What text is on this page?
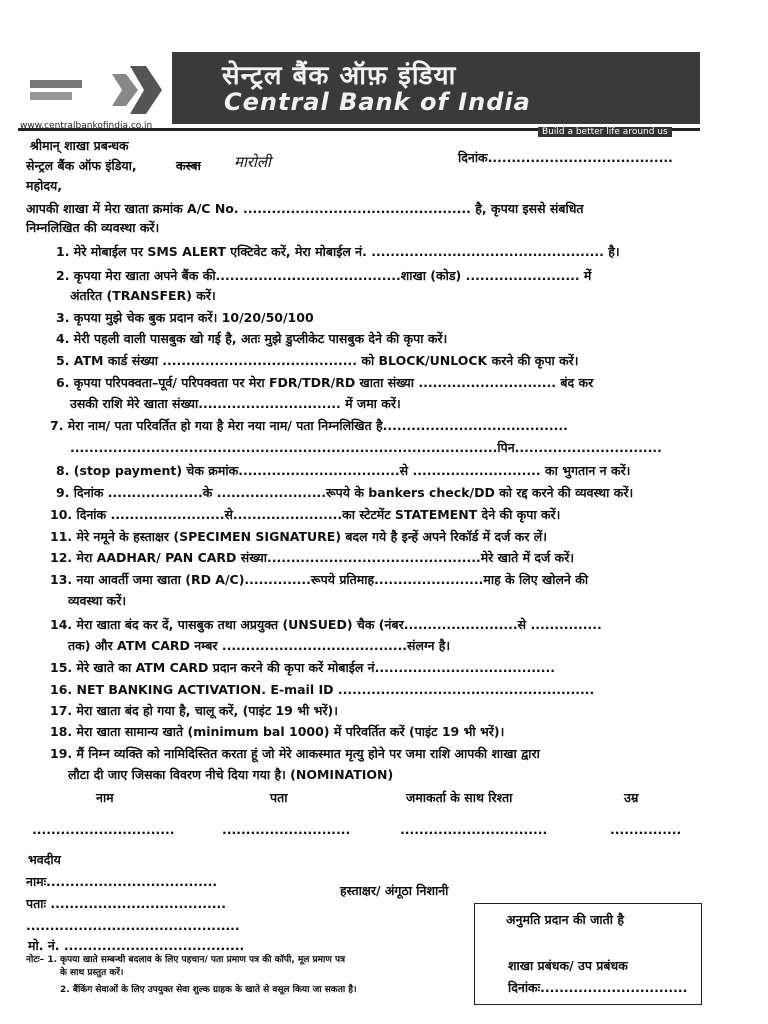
सेन्ट्रल बैंक ऑफ़ इंडिया
Central Bank of India
www.centralbankofindia.co.in
Build a better life around us
श्रीमान् शाखा प्रबन्धक
दिनांक.......................................
सेन्ट्रल बैंक ऑफ इंडिया,	कस्बा मारोली
महोदय,
आपकी शाखा में मेरा खाता क्रमांक A/C No. ................................................ है, कृपया इससे संबधित
निम्नलिखित की व्यवस्था करें।
1. मेरे मोबाईल पर SMS ALERT एक्टिवेट करें, मेरा मोबाईल नं. ................................................. है।
2. कृपया मेरा खाता अपने बैंक की.......................................शाखा (कोड) ........................ में
अंतरित (TRANSFER) करें।
3. कृपया मुझे चेक बुक प्रदान करें। 10/20/50/100
4. मेरी पहली वाली पासबुक खो गई है, अतः मुझे डुप्लीकेट पासबुक देने की कृपा करें।
5. ATM कार्ड संख्या ......................................... को BLOCK/UNLOCK करने की कृपा करें।
6. कृपया परिपक्वता–पूर्व/ परिपक्वता पर मेरा FDR/TDR/RD खाता संख्या ............................. बंद कर
उसकी राशि मेरे खाता संख्या.............................. में जमा करें।
7. मेरा नाम/ पता परिवर्तित हो गया है मेरा नया नाम/ पता निम्नलिखित है.......................................
..........................................................................................पिन...............................
8. (stop payment) चेक क्रमांक..................................से ........................... का भुगतान न करें।
9. दिनांक ....................के .......................रूपये के bankers check/DD को रद्द करने की व्यवस्था करें।
10. दिनांक ........................से.......................का स्टेटमेंट STATEMENT देने की कृपा करें।
11. मेरे नमूने के हस्ताक्षर (SPECIMEN SIGNATURE) बदल गये है इन्हें अपने रिकॉर्ड में दर्ज कर लें।
12. मेरा AADHAR/ PAN CARD संख्या.............................................मेरे खाते में दर्ज करें।
13. नया आवर्ती जमा खाता (RD A/C)..............रूपये प्रतिमाह.......................माह के लिए खोलने की
व्यवस्था करें।
14. मेरा खाता बंद कर दें, पासबुक तथा अप्रयुक्त (UNSUED) चैक (नंबर........................से ...............
तक) और ATM CARD नम्बर .......................................संलग्न है।
15. मेरे खाते का ATM CARD प्रदान करने की कृपा करें मोबाईल नं......................................
16. NET BANKING ACTIVATION. E-mail ID ......................................................
17. मेरा खाता बंद हो गया है, चालू करें, (पाइंट 19 भी भरें)।
18. मेरा खाता सामान्य खाते (minimum bal 1000) में परिवर्तित करें (पाइंट 19 भी भरें)।
19. मैं निम्न व्यक्ति को नामिदिस्तित करता हूं जो मेरे आकस्मात मृत्यु होने पर जमा राशि आपकी शाखा द्वारा
लौटा दी जाए जिसका विवरण नीचे दिया गया है। (NOMINATION)
नाम	पता	जमाकर्ता के साथ रिश्ता	उम्र
..............................	...........................	...............................	...............
भवदीय
नामः....................................
पताः .....................................
.............................................
मो. नं. ......................................
हस्ताक्षर/ अंगूठा निशानी
नोटः– 1. कृपया खाते सम्बन्धी बदलाव के लिए पहचान/ पता प्रमाण पत्र की कॉपी, मूल प्रमाण पत्र
के साथ प्रस्तुत करें।
2. बैंकिंग सेवाओं के लिए उपयुक्त सेवा शुल्क ग्राहक के खाते से वसूल किया जा सकता है।
अनुमति प्रदान की जाती है
शाखा प्रबंधक/ उप प्रबंधक
दिनांकः...............................
